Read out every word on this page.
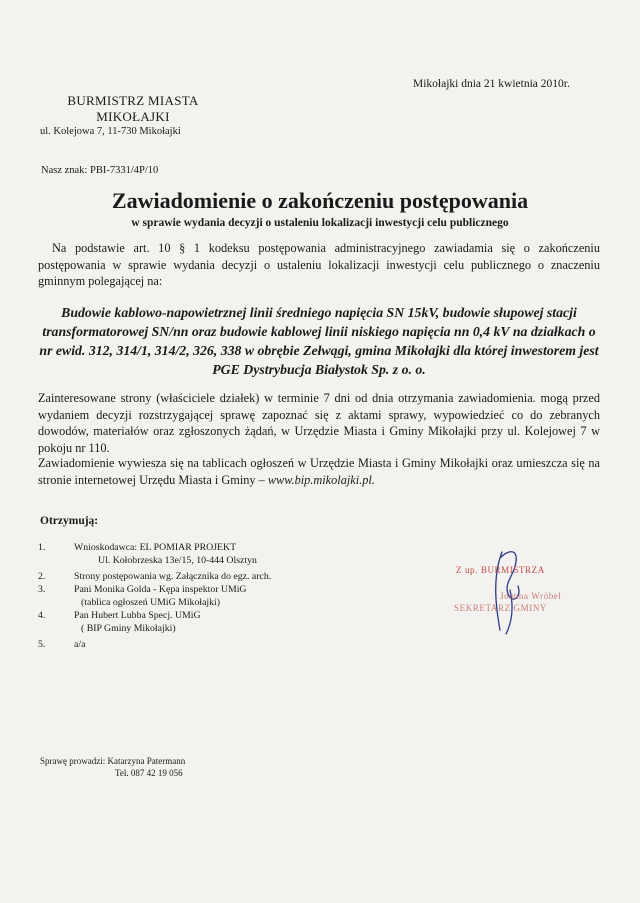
Mikołajki dnia 21 kwietnia 2010r.
BURMISTRZ MIASTA
MIKOŁAJKI
ul. Kolejowa 7, 11-730 Mikołajki
Nasz znak: PBI-7331/4P/10
Zawiadomienie o zakończeniu postępowania
w sprawie wydania decyzji o ustaleniu lokalizacji inwestycji celu publicznego
Na podstawie art. 10 § 1 kodeksu postępowania administracyjnego zawiadamia się o zakończeniu postępowania w sprawie wydania decyzji o ustaleniu lokalizacji inwestycji celu publicznego o znaczeniu gminnym polegającej na:
Budowie kablowo-napowietrznej linii średniego napięcia SN 15kV, budowie słupowej stacji transformatorowej SN/nn oraz budowie kablowej linii niskiego napięcia nn 0,4 kV na działkach o nr ewid. 312, 314/1, 314/2, 326, 338 w obrębie Zełwągi, gmina Mikołajki dla której inwestorem jest PGE Dystrybucja Białystok Sp. z o. o.
Zainteresowane strony (właściciele działek) w terminie 7 dni od dnia otrzymania zawiadomienia. mogą przed wydaniem decyzji rozstrzygającej sprawę zapoznać się z aktami sprawy, wypowiedzieć co do zebranych dowodów, materiałów oraz zgłoszonych żądań, w Urzędzie Miasta i Gminy Mikołajki przy ul. Kolejowej 7 w pokoju nr 110.
Zawiadomienie wywiesza się na tablicach ogłoszeń w Urzędzie Miasta i Gminy Mikołajki oraz umieszcza się na stronie internetowej Urzędu Miasta i Gminy – www.bip.mikolajki.pl.
Otrzymują:
1.	Wnioskodawca: EL POMIAR PROJEKT
Ul. Kołobrzeska 13e/15, 10-444 Olsztyn
2.	Strony postępowania wg. Załącznika do egz. arch.
3.	Pani Monika Golda - Kępa inspektor UMiG
(tablica ogłoszeń UMiG Mikołajki)
4.	Pan Hubert Lubba Specj. UMiG
( BIP Gminy Mikołajki)
5.	a/a
Z up. BURMISTRZA
Joanna Wróbel
SEKRETARZ GMINY
Sprawę prowadzi: Katarzyna Patermann
Tel. 087 42 19 056
